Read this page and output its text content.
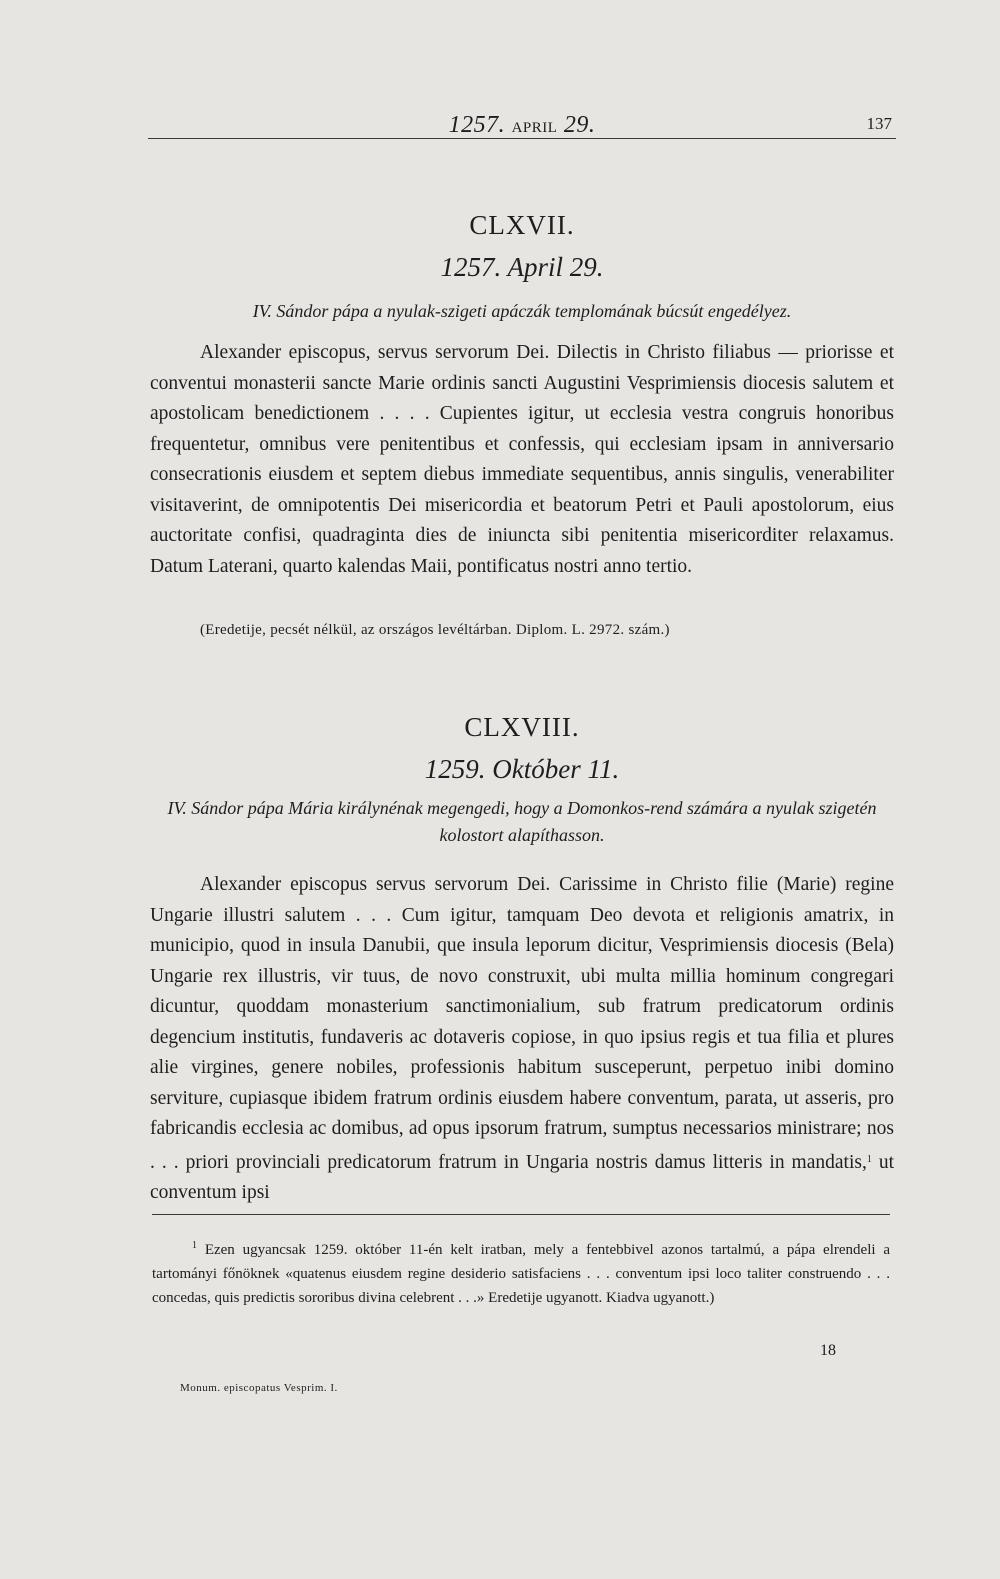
1257. APRIL 29.	137
CLXVII.
1257. April 29.
IV. Sándor pápa a nyulak-szigeti apáczák templomának búcsút engedélyez.

Alexander episcopus, servus servorum Dei. Dilectis in Christo filiabus — priorisse et conventui monasterii sancte Marie ordinis sancti Augustini Vesprimiensis diocesis salutem et apostolicam benedictionem . . . . Cupientes igitur, ut ecclesia vestra congruis honoribus frequentetur, omnibus vere penitentibus et confessis, qui ecclesiam ipsam in anniversario consecrationis eiusdem et septem diebus immediate sequentibus, annis singulis, venerabiliter visitaverint, de omnipotentis Dei misericordia et beatorum Petri et Pauli apostolorum, eius auctoritate confisi, quadraginta dies de iniuncta sibi penitentia misericorditer relaxamus. Datum Laterani, quarto kalendas Maii, pontificatus nostri anno tertio.

(Eredetije, pecsét nélkül, az országos levéltárban. Diplom. L. 2972. szám.)
CLXVIII.
1259. Október 11.
IV. Sándor pápa Mária királynénak megengedi, hogy a Domonkos-rend számára a nyulak szigetén kolostort alapíthasson.

Alexander episcopus servus servorum Dei. Carissime in Christo filie (Marie) regine Ungarie illustri salutem . . . Cum igitur, tamquam Deo devota et religionis amatrix, in municipio, quod in insula Danubii, que insula leporum dicitur, Vesprimiensis diocesis (Bela) Ungarie rex illustris, vir tuus, de novo construxit, ubi multa millia hominum congregari dicuntur, quoddam monasterium sanctimonialium, sub fratrum predicatorum ordinis degencium institutis, fundaveris ac dotaveris copiose, in quo ipsius regis et tua filia et plures alie virgines, genere nobiles, professionis habitum susceperunt, perpetuo inibi domino serviture, cupiasque ibidem fratrum ordinis eiusdem habere conventum, parata, ut asseris, pro fabricandis ecclesia ac domibus, ad opus ipsorum fratrum, sumptus necessarios ministrare; nos . . . priori provinciali predicatorum fratrum in Ungaria nostris damus litteris in mandatis,$^1$ ut conventum ipsi

$^1$ Ezen ugyancsak 1259. október 11-én kelt iratban, mely a fentebbivel azonos tartalmú, a pápa elrendeli a tartományi főnöknek «quatenus eiusdem regine desiderio satisfaciens . . . conventum ipsi loco taliter construendo . . . concedas, quis predictis sororibus divina celebrent . . .» Eredetije ugyanott. Kiadva ugyanott.)
Monum. episcopatus Vesprim. I.
18
